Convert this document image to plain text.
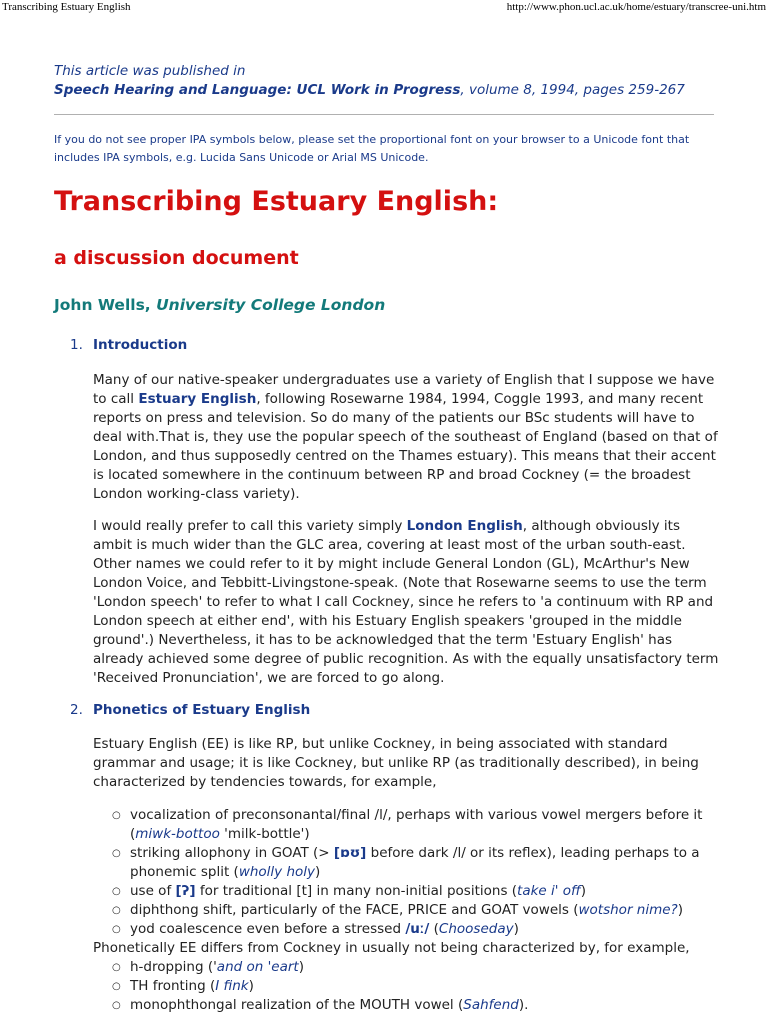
Transcribing Estuary English	http://www.phon.ucl.ac.uk/home/estuary/transcree-uni.htm
This article was published in
Speech Hearing and Language: UCL Work in Progress, volume 8, 1994, pages 259-267
If you do not see proper IPA symbols below, please set the proportional font on your browser to a Unicode font that includes IPA symbols, e.g. Lucida Sans Unicode or Arial MS Unicode.
Transcribing Estuary English:
a discussion document
John Wells, University College London
1. Introduction
Many of our native-speaker undergraduates use a variety of English that I suppose we have to call Estuary English, following Rosewarne 1984, 1994, Coggle 1993, and many recent reports on press and television. So do many of the patients our BSc students will have to deal with.That is, they use the popular speech of the southeast of England (based on that of London, and thus supposedly centred on the Thames estuary). This means that their accent is located somewhere in the continuum between RP and broad Cockney (= the broadest London working-class variety).
I would really prefer to call this variety simply London English, although obviously its ambit is much wider than the GLC area, covering at least most of the urban south-east. Other names we could refer to it by might include General London (GL), McArthur's New London Voice, and Tebbitt-Livingstone-speak. (Note that Rosewarne seems to use the term 'London speech' to refer to what I call Cockney, since he refers to 'a continuum with RP and London speech at either end', with his Estuary English speakers 'grouped in the middle ground'.) Nevertheless, it has to be acknowledged that the term 'Estuary English' has already achieved some degree of public recognition. As with the equally unsatisfactory term 'Received Pronunciation', we are forced to go along.
2. Phonetics of Estuary English
Estuary English (EE) is like RP, but unlike Cockney, in being associated with standard grammar and usage; it is like Cockney, but unlike RP (as traditionally described), in being characterized by tendencies towards, for example,
○ vocalization of preconsonantal/final /l/, perhaps with various vowel mergers before it (miwk-bottoo 'milk-bottle')
○ striking allophony in GOAT (> [ɒʊ] before dark /l/ or its reflex), leading perhaps to a phonemic split (wholly holy)
○ use of [ʔ] for traditional [t] in many non-initial positions (take i' off)
○ diphthong shift, particularly of the FACE, PRICE and GOAT vowels (wotshor nime?)
○ yod coalescence even before a stressed /uː/ (Chooseday)
Phonetically EE differs from Cockney in usually not being characterized by, for example,
○ h-dropping ('and on 'eart)
○ TH fronting (I fink)
○ monophthongal realization of the MOUTH vowel (Sahfend).
